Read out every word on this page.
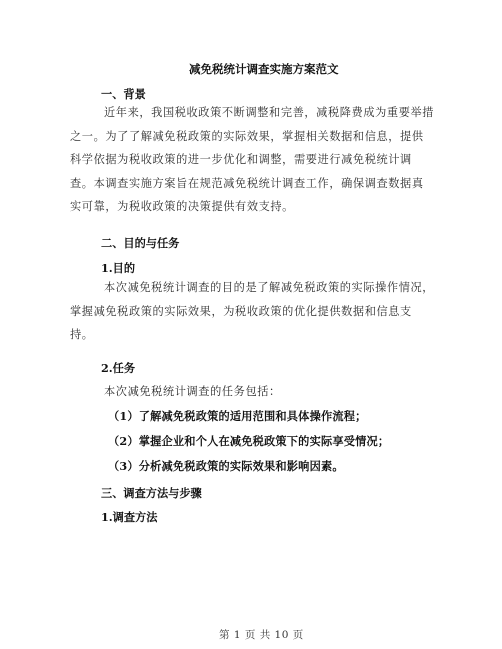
减免税统计调查实施方案范文
一、背景

近年来，我国税收政策不断调整和完善，减税降费成为重要举措

之一。为了了解减免税政策的实际效果，掌握相关数据和信息，提供

科学依据为税收政策的进一步优化和调整，需要进行减免税统计调

查。本调查实施方案旨在规范减免税统计调查工作，确保调查数据真

实可靠，为税收政策的决策提供有效支持。

二、目的与任务
1.目的

本次减免税统计调查的目的是了解减免税政策的实际操作情况，

掌握减免税政策的实际效果，为税收政策的优化提供数据和信息支

持。

2.任务
本次减免税统计调查的任务包括：
（1）了解减免税政策的适用范围和具体操作流程；
（2）掌握企业和个人在减免税政策下的实际享受情况；
（3）分析减免税政策的实际效果和影响因素。
三、调查方法与步骤
1.调查方法
第 1 页 共 10 页
